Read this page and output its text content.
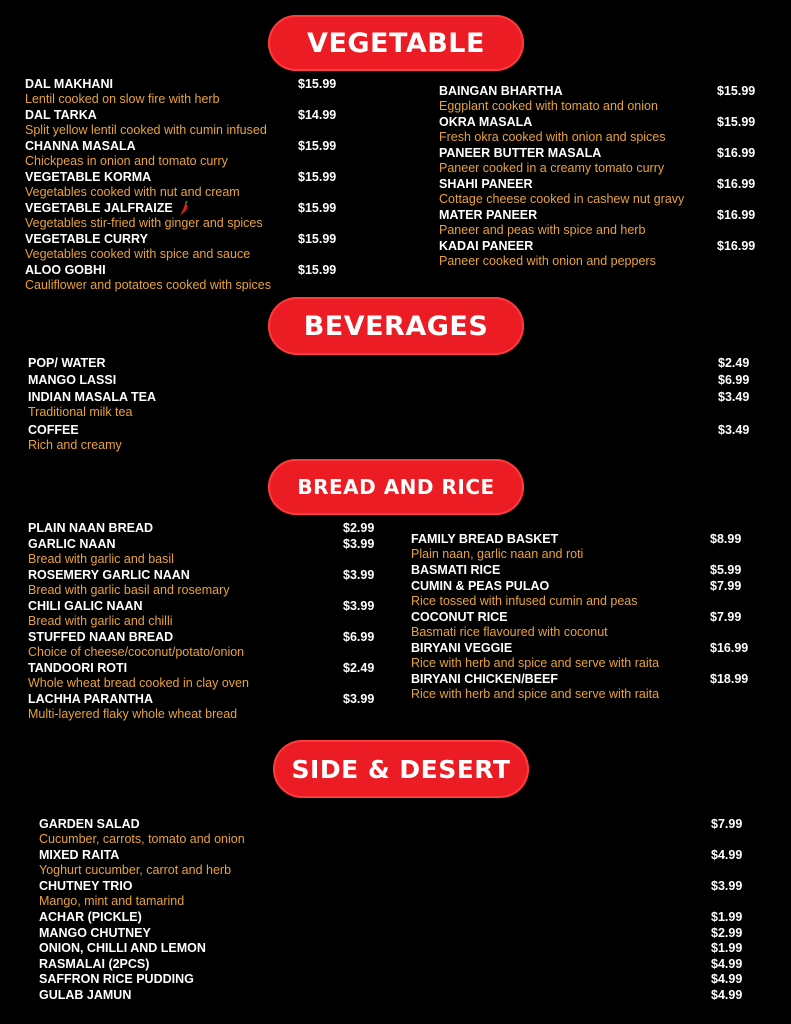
VEGETABLE
BEVERAGES
BREAD AND RICE
SIDE & DESERT
DAL MAKHANI	$15.99
Lentil cooked on slow fire with herb
DAL TARKA	$14.99
Split yellow lentil cooked with cumin infused
CHANNA MASALA	$15.99
Chickpeas in onion and tomato curry
VEGETABLE KORMA	$15.99
Vegetables cooked with nut and cream
VEGETABLE JALFRAIZE	$15.99
Vegetables stir-fried with ginger and spices
VEGETABLE CURRY	$15.99
Vegetables cooked with spice and sauce
ALOO GOBHI	$15.99
Cauliflower and potatoes cooked with spices
BAINGAN BHARTHA	$15.99
Eggplant cooked with tomato and onion
OKRA MASALA	$15.99
Fresh okra cooked with onion and spices
PANEER BUTTER MASALA	$16.99
Paneer cooked in a creamy tomato curry
SHAHI PANEER	$16.99
Cottage cheese cooked in cashew nut gravy
MATER PANEER	$16.99
Paneer and peas with spice and herb
KADAI PANEER	$16.99
Paneer cooked with onion and peppers
POP/ WATER	$2.49
MANGO LASSI	$6.99
INDIAN MASALA TEA	$3.49
Traditional milk tea
COFFEE	$3.49
Rich and creamy
PLAIN NAAN BREAD	$2.99
GARLIC NAAN	$3.99
Bread with garlic and basil
ROSEMERY GARLIC NAAN	$3.99
Bread with garlic basil and rosemary
CHILI GALIC NAAN	$3.99
Bread with garlic and chilli
STUFFED NAAN BREAD	$6.99
Choice of cheese/coconut/potato/onion
TANDOORI ROTI	$2.49
Whole wheat bread cooked in clay oven
LACHHA PARANTHA	$3.99
Multi-layered flaky whole wheat bread
FAMILY BREAD BASKET	$8.99
Plain naan, garlic naan and roti
BASMATI RICE	$5.99
CUMIN & PEAS PULAO	$7.99
Rice tossed with infused cumin and peas
COCONUT RICE	$7.99
Basmati rice flavoured with coconut
BIRYANI VEGGIE	$16.99
Rice with herb and spice and serve with raita
BIRYANI CHICKEN/BEEF	$18.99
Rice with herb and spice and serve with raita
GARDEN SALAD	$7.99
Cucumber, carrots, tomato and onion
MIXED RAITA	$4.99
Yoghurt cucumber, carrot and herb
CHUTNEY TRIO	$3.99
Mango, mint and tamarind
ACHAR (PICKLE)	$1.99
MANGO CHUTNEY	$2.99
ONION, CHILLI AND LEMON	$1.99
RASMALAI (2PCS)	$4.99
SAFFRON RICE PUDDING	$4.99
GULAB JAMUN	$4.99
